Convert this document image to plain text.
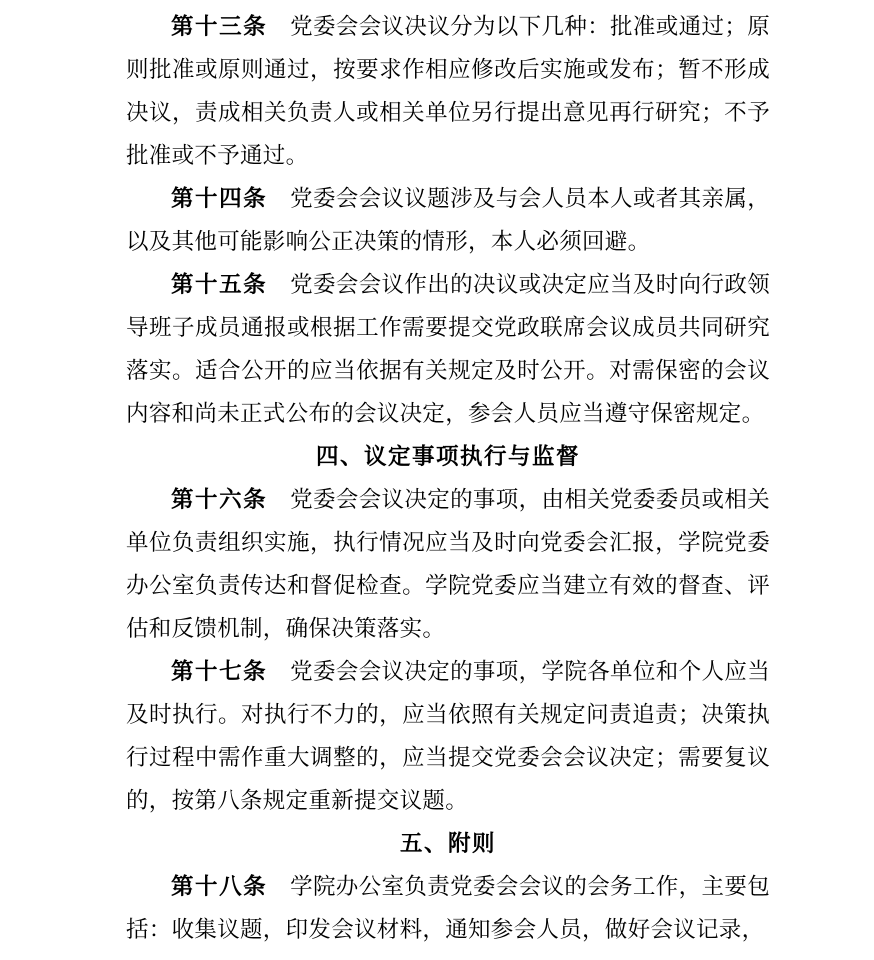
第十三条　党委会会议决议分为以下几种：批准或通过；原则批准或原则通过，按要求作相应修改后实施或发布；暂不形成决议，责成相关负责人或相关单位另行提出意见再行研究；不予批准或不予通过。

第十四条　党委会会议议题涉及与会人员本人或者其亲属，以及其他可能影响公正决策的情形，本人必须回避。

第十五条　党委会会议作出的决议或决定应当及时向行政领导班子成员通报或根据工作需要提交党政联席会议成员共同研究落实。适合公开的应当依据有关规定及时公开。对需保密的会议内容和尚未正式公布的会议决定，参会人员应当遵守保密规定。

四、议定事项执行与监督

第十六条　党委会会议决定的事项，由相关党委委员或相关单位负责组织实施，执行情况应当及时向党委会汇报，学院党委办公室负责传达和督促检查。学院党委应当建立有效的督查、评估和反馈机制，确保决策落实。

第十七条　党委会会议决定的事项，学院各单位和个人应当及时执行。对执行不力的，应当依照有关规定问责追责；决策执行过程中需作重大调整的，应当提交党委会会议决定；需要复议的，按第八条规定重新提交议题。

五、附则

第十八条　学院办公室负责党委会会议的会务工作，主要包括：收集议题，印发会议材料，通知参会人员，做好会议记录，
